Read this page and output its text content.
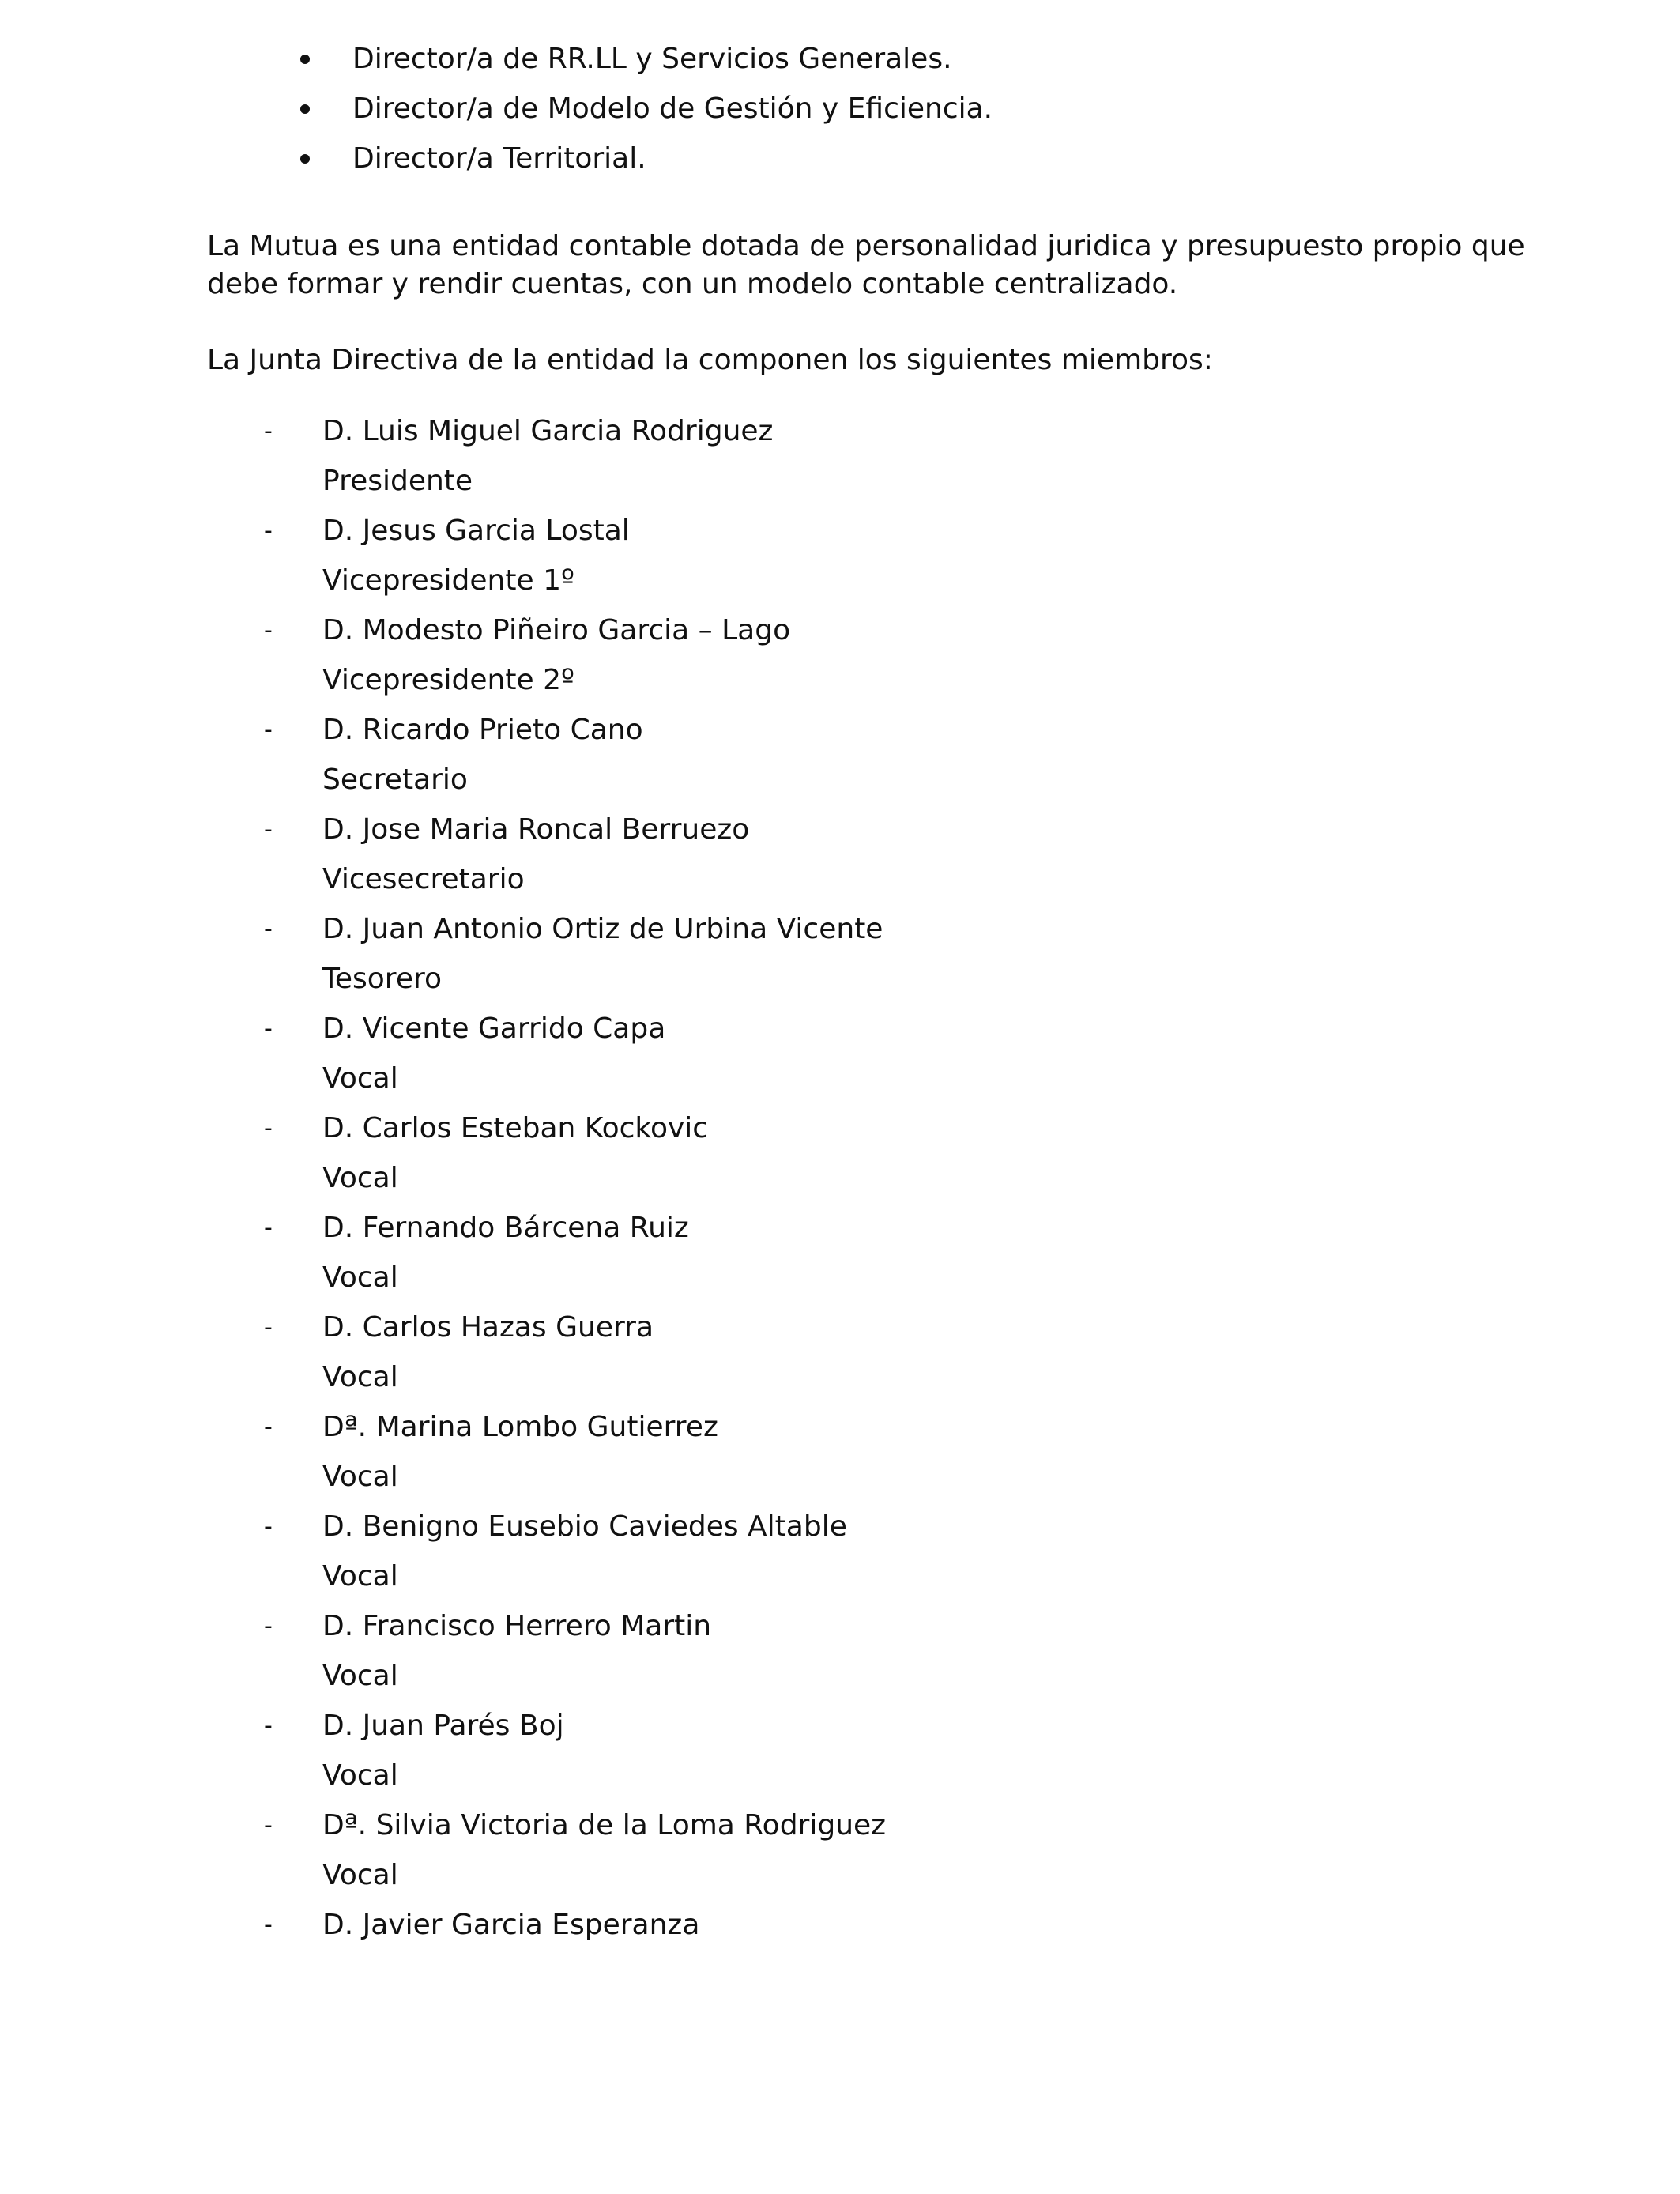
Director/a de RR.LL y Servicios Generales.
Director/a de Modelo de Gestión y Eficiencia.
Director/a Territorial.

La Mutua es una entidad contable dotada de personalidad juridica y presupuesto propio que
debe formar y rendir cuentas, con un modelo contable centralizado.

La Junta Directiva de la entidad la componen los siguientes miembros:

- D. Luis Miguel Garcia Rodriguez
Presidente
- D. Jesus Garcia Lostal
Vicepresidente 1º
- D. Modesto Piñeiro Garcia – Lago
Vicepresidente 2º
- D. Ricardo Prieto Cano
Secretario
- D. Jose Maria Roncal Berruezo
Vicesecretario
- D. Juan Antonio Ortiz de Urbina Vicente
Tesorero
- D. Vicente Garrido Capa
Vocal
- D. Carlos Esteban Kockovic
Vocal
- D. Fernando Bárcena Ruiz
Vocal
- D. Carlos Hazas Guerra
Vocal
- Dª. Marina Lombo Gutierrez
Vocal
- D. Benigno Eusebio Caviedes Altable
Vocal
- D. Francisco Herrero Martin
Vocal
- D. Juan Parés Boj
Vocal
- Dª. Silvia Victoria de la Loma Rodriguez
Vocal
- D. Javier Garcia Esperanza
